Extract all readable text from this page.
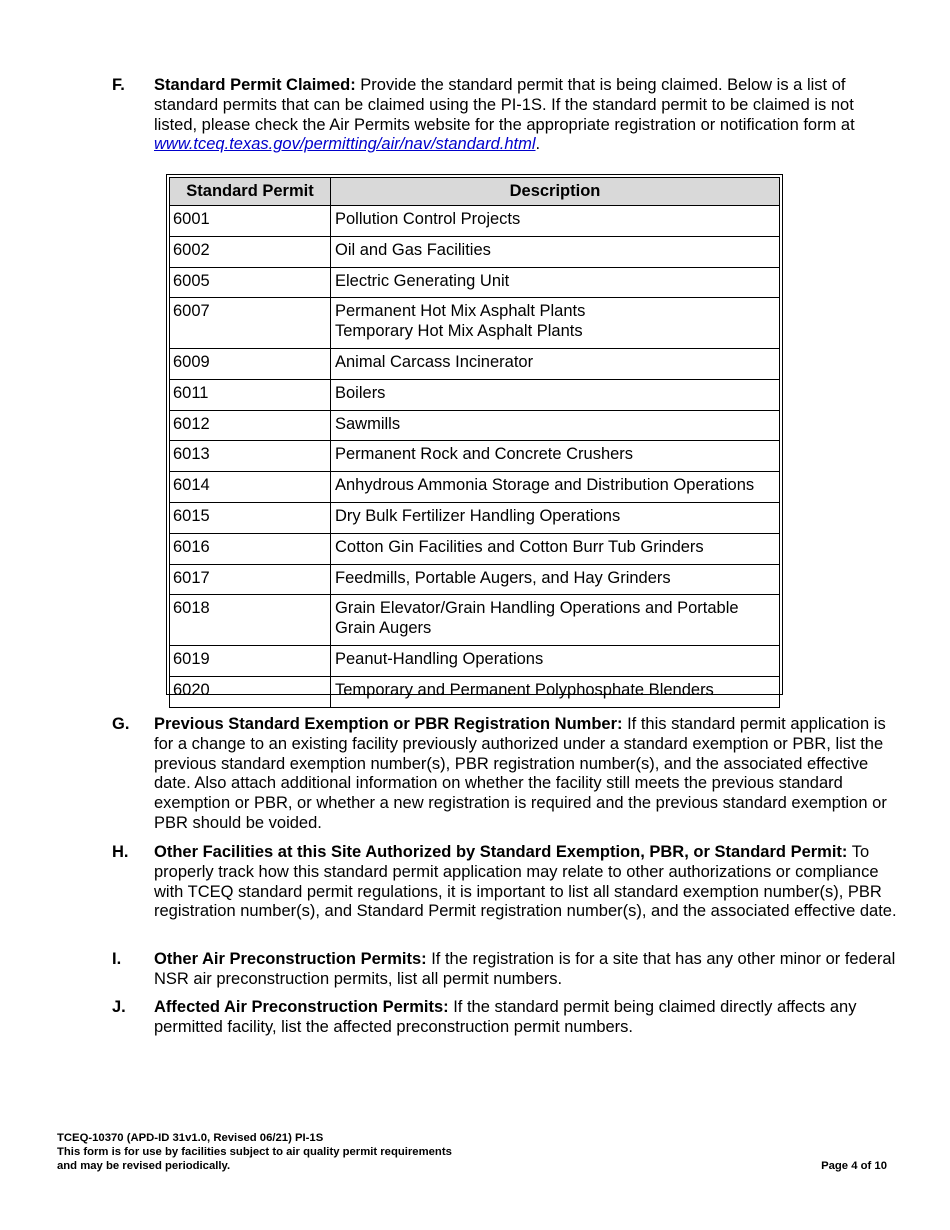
F. Standard Permit Claimed: Provide the standard permit that is being claimed. Below is a list of standard permits that can be claimed using the PI-1S. If the standard permit to be claimed is not listed, please check the Air Permits website for the appropriate registration or notification form at www.tceq.texas.gov/permitting/air/nav/standard.html.
Standard Permit	Description
6001	Pollution Control Projects

6002	Oil and Gas Facilities

6005	Electric Generating Unit

6007	Permanent Hot Mix Asphalt Plants
Temporary Hot Mix Asphalt Plants

6009	Animal Carcass Incinerator

6011	Boilers

6012	Sawmills

6013	Permanent Rock and Concrete Crushers

6014	Anhydrous Ammonia Storage and Distribution Operations

6015	Dry Bulk Fertilizer Handling Operations

6016	Cotton Gin Facilities and Cotton Burr Tub Grinders

6017	Feedmills, Portable Augers, and Hay Grinders

6018	Grain Elevator/Grain Handling Operations and Portable Grain Augers

6019	Peanut-Handling Operations

6020	Temporary and Permanent Polyphosphate Blenders
G. Previous Standard Exemption or PBR Registration Number: If this standard permit application is for a change to an existing facility previously authorized under a standard exemption or PBR, list the previous standard exemption number(s), PBR registration number(s), and the associated effective date. Also attach additional information on whether the facility still meets the previous standard exemption or PBR, or whether a new registration is required and the previous standard exemption or PBR should be voided.
H. Other Facilities at this Site Authorized by Standard Exemption, PBR, or Standard Permit: To properly track how this standard permit application may relate to other authorizations or compliance with TCEQ standard permit regulations, it is important to list all standard exemption number(s), PBR registration number(s), and Standard Permit registration number(s), and the associated effective date.
I. Other Air Preconstruction Permits: If the registration is for a site that has any other minor or federal NSR air preconstruction permits, list all permit numbers.
J. Affected Air Preconstruction Permits: If the standard permit being claimed directly affects any permitted facility, list the affected preconstruction permit numbers.
TCEQ-10370 (APD-ID 31v1.0, Revised 06/21) PI-1S
This form is for use by facilities subject to air quality permit requirements
and may be revised periodically.	Page 4 of 10
